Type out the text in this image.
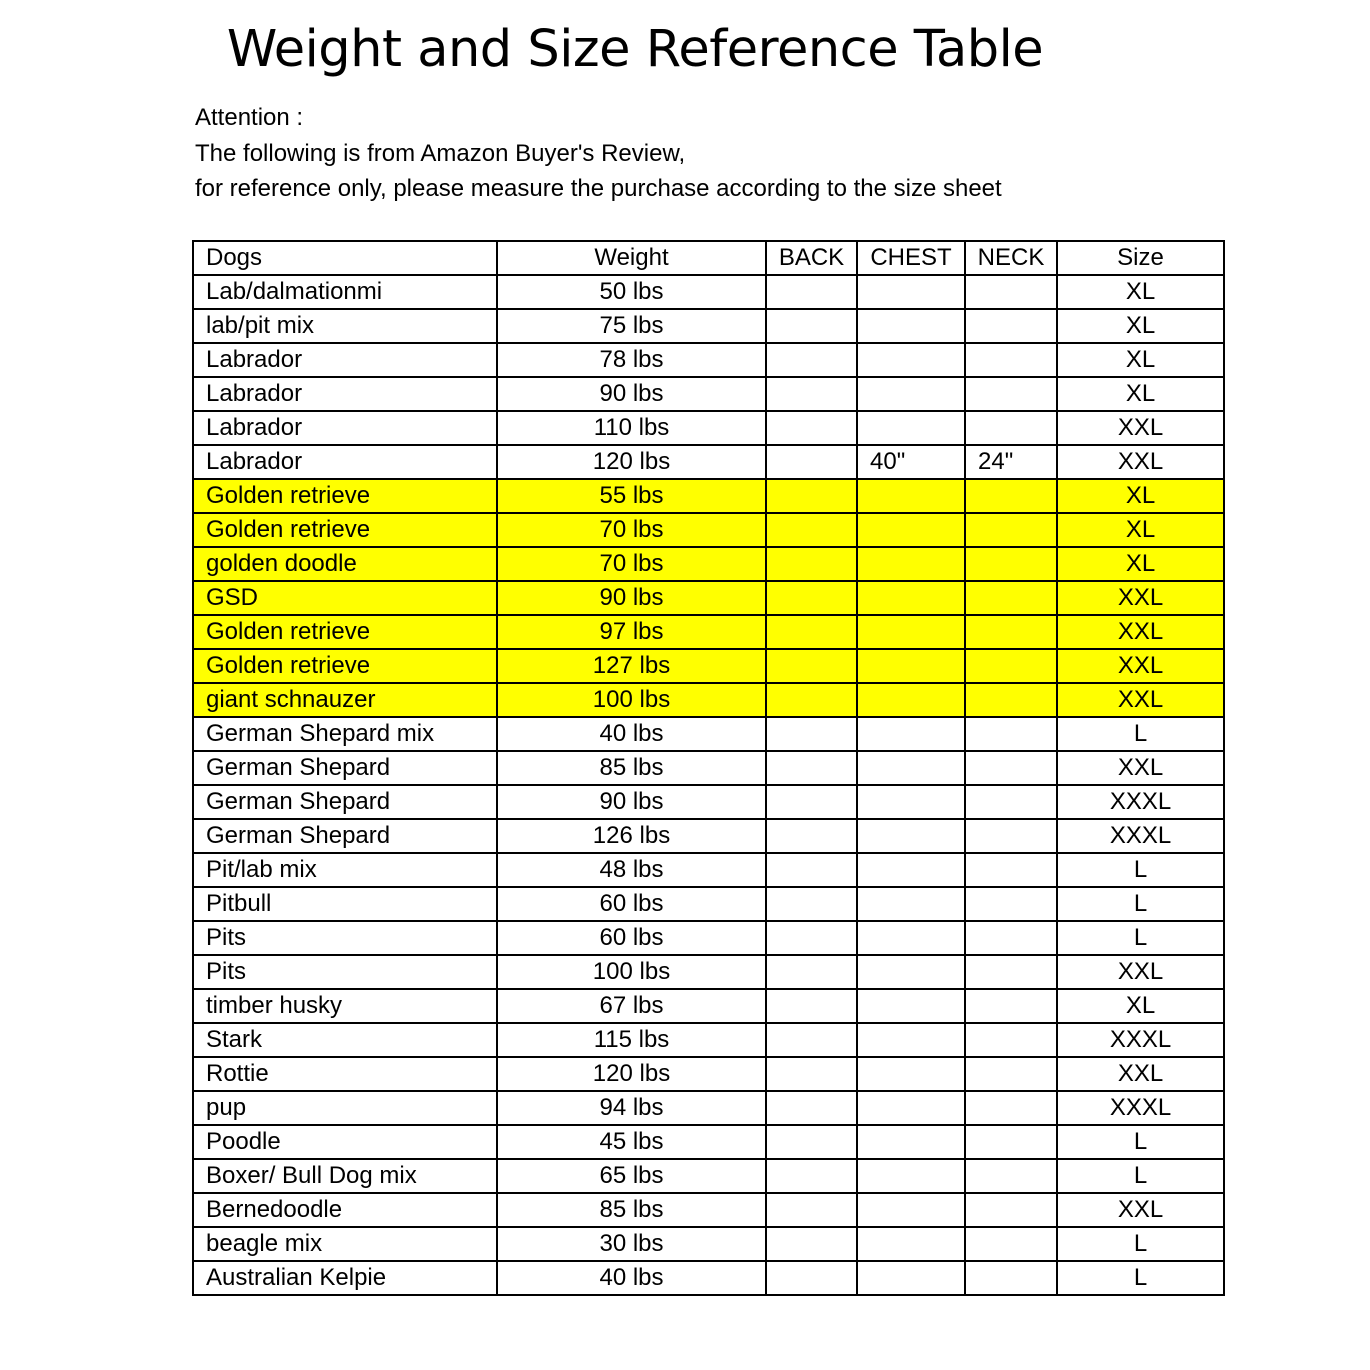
Weight and Size Reference Table
Attention :
The following is from Amazon Buyer's Review,
for reference only, please measure the purchase according to the size sheet
Dogs	Weight	BACK	CHEST	NECK	Size
Lab/dalmationmi	50 lbs				XL
lab/pit mix	75 lbs				XL
Labrador	78 lbs				XL
Labrador	90 lbs				XL
Labrador	110 lbs				XXL
Labrador	120 lbs		40"	24"	XXL
Golden retrieve	55 lbs				XL
Golden retrieve	70 lbs				XL
golden doodle	70 lbs				XL
GSD	90 lbs				XXL
Golden retrieve	97 lbs				XXL
Golden retrieve	127 lbs				XXL
giant schnauzer	100 lbs				XXL
German Shepard mix	40 lbs				L
German Shepard	85 lbs				XXL
German Shepard	90 lbs				XXXL
German Shepard	126 lbs				XXXL
Pit/lab mix	48 lbs				L
Pitbull	60 lbs				L
Pits	60 lbs				L
Pits	100 lbs				XXL
timber husky	67 lbs				XL
Stark	115 lbs				XXXL
Rottie	120 lbs				XXL
pup	94 lbs				XXXL
Poodle	45 lbs				L
Boxer/ Bull Dog mix	65 lbs				L
Bernedoodle	85 lbs				XXL
beagle mix	30 lbs				L
Australian Kelpie	40 lbs				L
